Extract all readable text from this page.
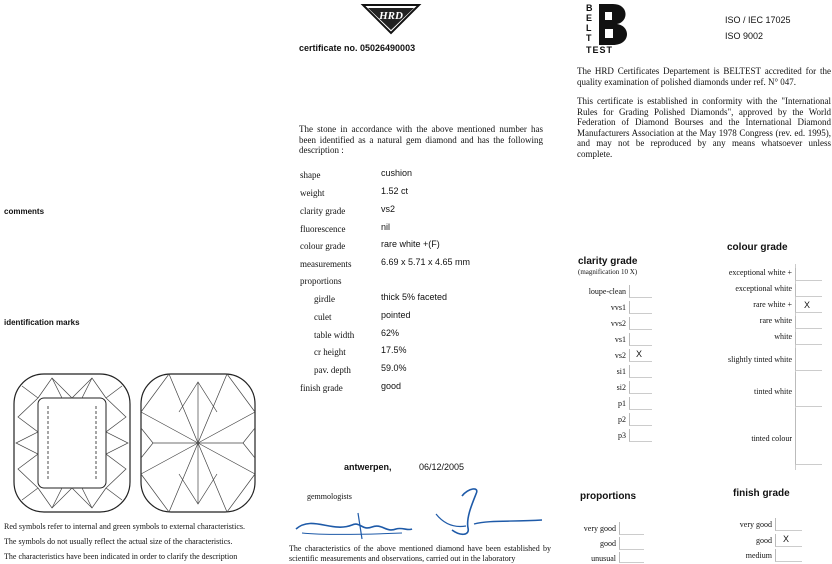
HRD
certificate no. 05026490003
comments
identification marks
Red symbols refer to internal and green symbols to external characteristics.
The symbols do not usually reflect the actual size of the characteristics.
The characteristics have been indicated in order to clarify the description
The stone in accordance with the above mentioned number has been identified as a natural gem diamond and has the following description :
shape	cushion
weight	1.52 ct
clarity grade	vs2
fluorescence	nil
colour grade	rare white +(F)
measurements	6.69 x 5.71 x 4.65 mm
proportions
girdle	thick 5% faceted
culet	pointed
table width	62%
cr height	17.5%
pav. depth	59.0%
finish grade	good
antwerpen,	06/12/2005
gemmologists
The characteristics of the above mentioned diamond have been established by scientific measurements and observations, carried out in the laboratory
B
E
L
T
TEST
ISO / IEC 17025
ISO 9002
The HRD Certificates Departement is BELTEST accredited for the quality examination of polished diamonds under ref. N° 047.
This certificate is established in conformity with the "International Rules for Grading Polished Diamonds", approved by the World Federation of Diamond Bourses and the International Diamond Manufacturers Association at the May 1978 Congress (rev. ed. 1995), and may not be reproduced by any means whatsoever unless complete.
clarity grade
(magnification 10 X)
loupe-clean
vvs1
vvs2
vs1
vs2 X
si1
si2
p1
p2
p3
colour grade
exceptional white +
exceptional white
rare white + X
rare white
white
slightly tinted white
tinted white
tinted colour
proportions
very good
good
unusual
finish grade
very good
good X
medium
